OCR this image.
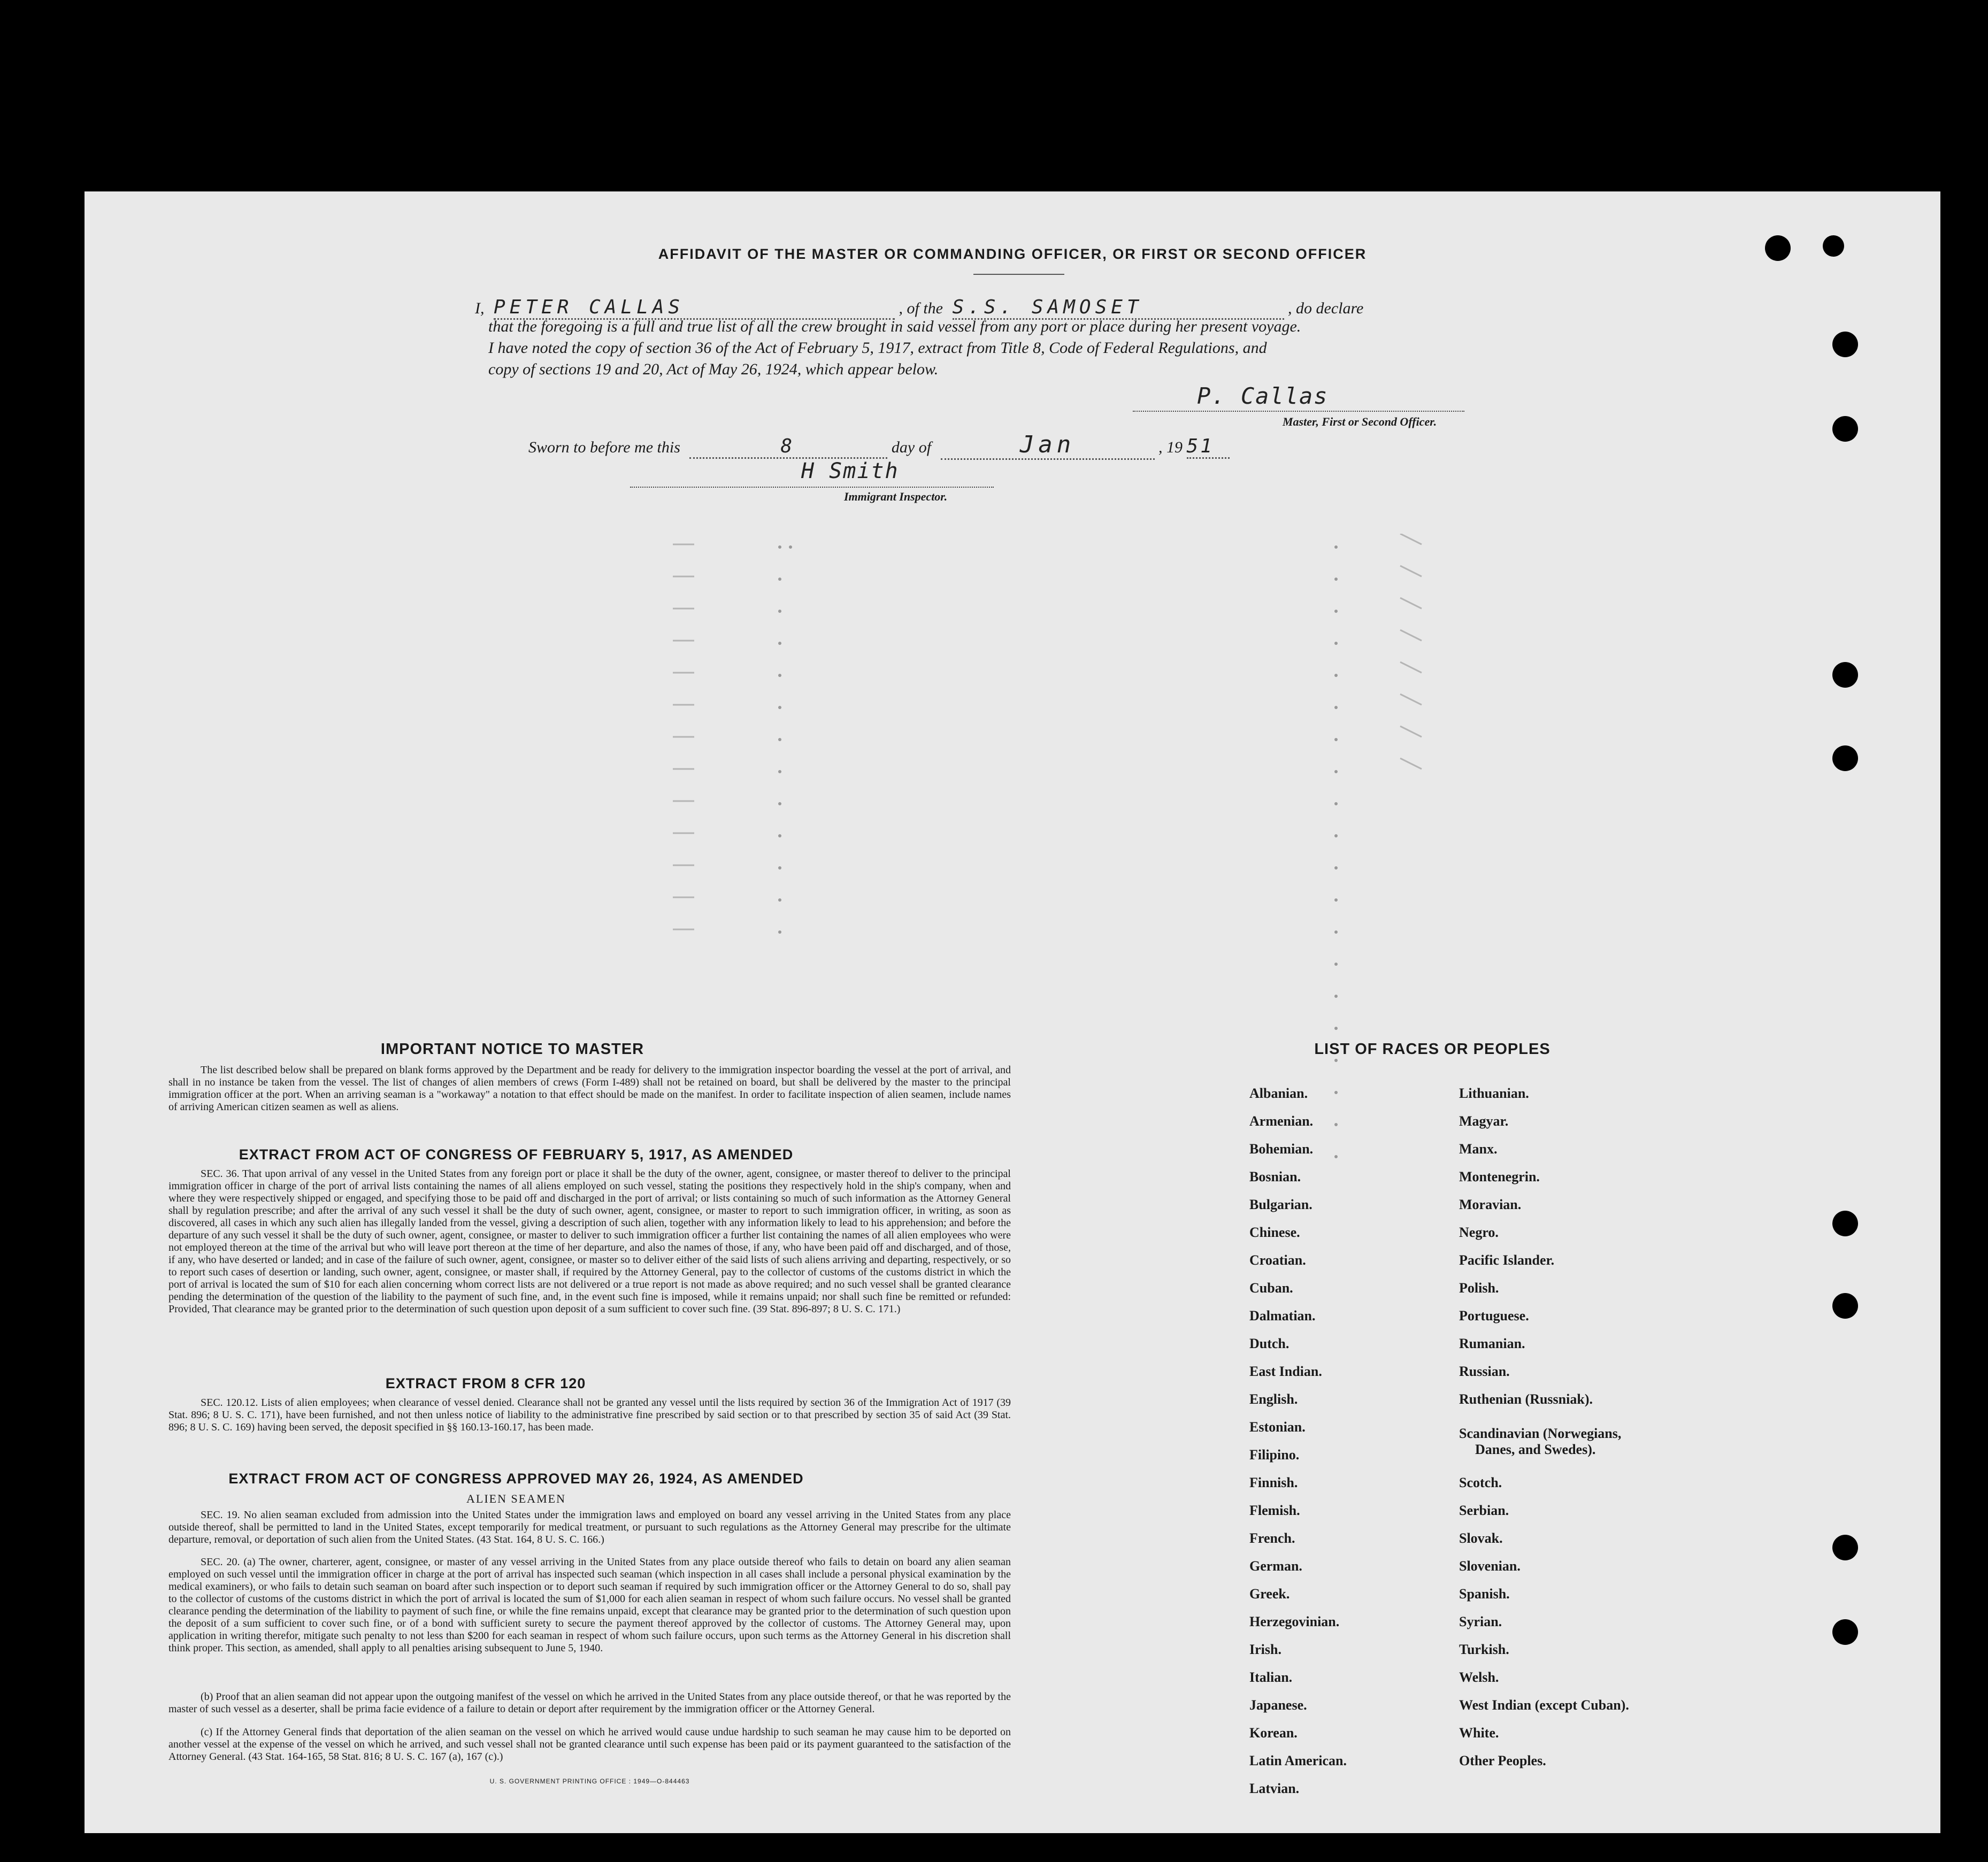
AFFIDAVIT OF THE MASTER OR COMMANDING OFFICER, OR FIRST OR SECOND OFFICER
I, PETER CALLAS	, of the S.S. SAMOSET	, do declare
that the foregoing is a full and true list of all the crew brought in said vessel from any port or place during her present voyage.
I have noted the copy of section 36 of the Act of February 5, 1917, extract from Title 8, Code of Federal Regulations, and
copy of sections 19 and 20, Act of May 26, 1924, which appear below.
P. Callas
Master, First or Second Officer.
Sworn to before me this	8	day of	Jan	, 19 51
H Smith
Immigrant Inspector.
IMPORTANT NOTICE TO MASTER
The list described below shall be prepared on blank forms approved by the Department and be ready for delivery to the immigration inspector boarding the vessel at the port of arrival, and shall in no instance be taken from the vessel. The list of changes of alien members of crews (Form I-489) shall not be retained on board, but shall be delivered by the master to the principal immigration officer at the port. When an arriving seaman is a "workaway" a notation to that effect should be made on the manifest. In order to facilitate inspection of alien seamen, include names of arriving American citizen seamen as well as aliens.
EXTRACT FROM ACT OF CONGRESS OF FEBRUARY 5, 1917, AS AMENDED
SEC. 36. That upon arrival of any vessel in the United States from any foreign port or place it shall be the duty of the owner, agent, consignee, or master thereof to deliver to the principal immigration officer in charge of the port of arrival lists containing the names of all aliens employed on such vessel, stating the positions they respectively hold in the ship's company, when and where they were respectively shipped or engaged, and specifying those to be paid off and discharged in the port of arrival; or lists containing so much of such information as the Attorney General shall by regulation prescribe; and after the arrival of any such vessel it shall be the duty of such owner, agent, consignee, or master to report to such immigration officer, in writing, as soon as discovered, all cases in which any such alien has illegally landed from the vessel, giving a description of such alien, together with any information likely to lead to his apprehension; and before the departure of any such vessel it shall be the duty of such owner, agent, consignee, or master to deliver to such immigration officer a further list containing the names of all alien employees who were not employed thereon at the time of the arrival but who will leave port thereon at the time of her departure, and also the names of those, if any, who have been paid off and discharged, and of those, if any, who have deserted or landed; and in case of the failure of such owner, agent, consignee, or master so to deliver either of the said lists of such aliens arriving and departing, respectively, or so to report such cases of desertion or landing, such owner, agent, consignee, or master shall, if required by the Attorney General, pay to the collector of customs of the customs district in which the port of arrival is located the sum of $10 for each alien concerning whom correct lists are not delivered or a true report is not made as above required; and no such vessel shall be granted clearance pending the determination of the question of the liability to the payment of such fine, and, in the event such fine is imposed, while it remains unpaid; nor shall such fine be remitted or refunded: Provided, That clearance may be granted prior to the determination of such question upon deposit of a sum sufficient to cover such fine. (39 Stat. 896-897; 8 U. S. C. 171.)
EXTRACT FROM 8 CFR 120
SEC. 120.12. Lists of alien employees; when clearance of vessel denied. Clearance shall not be granted any vessel until the lists required by section 36 of the Immigration Act of 1917 (39 Stat. 896; 8 U. S. C. 171), have been furnished, and not then unless notice of liability to the administrative fine prescribed by said section or to that prescribed by section 35 of said Act (39 Stat. 896; 8 U. S. C. 169) having been served, the deposit specified in §§ 160.13-160.17, has been made.
EXTRACT FROM ACT OF CONGRESS APPROVED MAY 26, 1924, AS AMENDED
ALIEN SEAMEN
SEC. 19. No alien seaman excluded from admission into the United States under the immigration laws and employed on board any vessel arriving in the United States from any place outside thereof, shall be permitted to land in the United States, except temporarily for medical treatment, or pursuant to such regulations as the Attorney General may prescribe for the ultimate departure, removal, or deportation of such alien from the United States. (43 Stat. 164, 8 U. S. C. 166.)
SEC. 20. (a) The owner, charterer, agent, consignee, or master of any vessel arriving in the United States from any place outside thereof who fails to detain on board any alien seaman employed on such vessel until the immigration officer in charge at the port of arrival has inspected such seaman (which inspection in all cases shall include a personal physical examination by the medical examiners), or who fails to detain such seaman on board after such inspection or to deport such seaman if required by such immigration officer or the Attorney General to do so, shall pay to the collector of customs of the customs district in which the port of arrival is located the sum of $1,000 for each alien seaman in respect of whom such failure occurs. No vessel shall be granted clearance pending the determination of the liability to payment of such fine, or while the fine remains unpaid, except that clearance may be granted prior to the determination of such question upon the deposit of a sum sufficient to cover such fine, or of a bond with sufficient surety to secure the payment thereof approved by the collector of customs. The Attorney General may, upon application in writing therefor, mitigate such penalty to not less than $200 for each seaman in respect of whom such failure occurs, upon such terms as the Attorney General in his discretion shall think proper. This section, as amended, shall apply to all penalties arising subsequent to June 5, 1940.
(b) Proof that an alien seaman did not appear upon the outgoing manifest of the vessel on which he arrived in the United States from any place outside thereof, or that he was reported by the master of such vessel as a deserter, shall be prima facie evidence of a failure to detain or deport after requirement by the immigration officer or the Attorney General.
(c) If the Attorney General finds that deportation of the alien seaman on the vessel on which he arrived would cause undue hardship to such seaman he may cause him to be deported on another vessel at the expense of the vessel on which he arrived, and such vessel shall not be granted clearance until such expense has been paid or its payment guaranteed to the satisfaction of the Attorney General. (43 Stat. 164-165, 58 Stat. 816; 8 U. S. C. 167 (a), 167 (c).)
U. S. GOVERNMENT PRINTING OFFICE : 1949—O-844463
LIST OF RACES OR PEOPLES
Albanian.
Armenian.
Bohemian.
Bosnian.
Bulgarian.
Chinese.
Croatian.
Cuban.
Dalmatian.
Dutch.
East Indian.
English.
Estonian.
Filipino.
Finnish.
Flemish.
French.
German.
Greek.
Herzegovinian.
Irish.
Italian.
Japanese.
Korean.
Latin American.
Latvian.
Lithuanian.
Magyar.
Manx.
Montenegrin.
Moravian.
Negro.
Pacific Islander.
Polish.
Portuguese.
Rumanian.
Russian.
Ruthenian (Russniak).
Scandinavian (Norwegians,
Danes, and Swedes).
Scotch.
Serbian.
Slovak.
Slovenian.
Spanish.
Syrian.
Turkish.
Welsh.
West Indian (except Cuban).
White.
Other Peoples.
